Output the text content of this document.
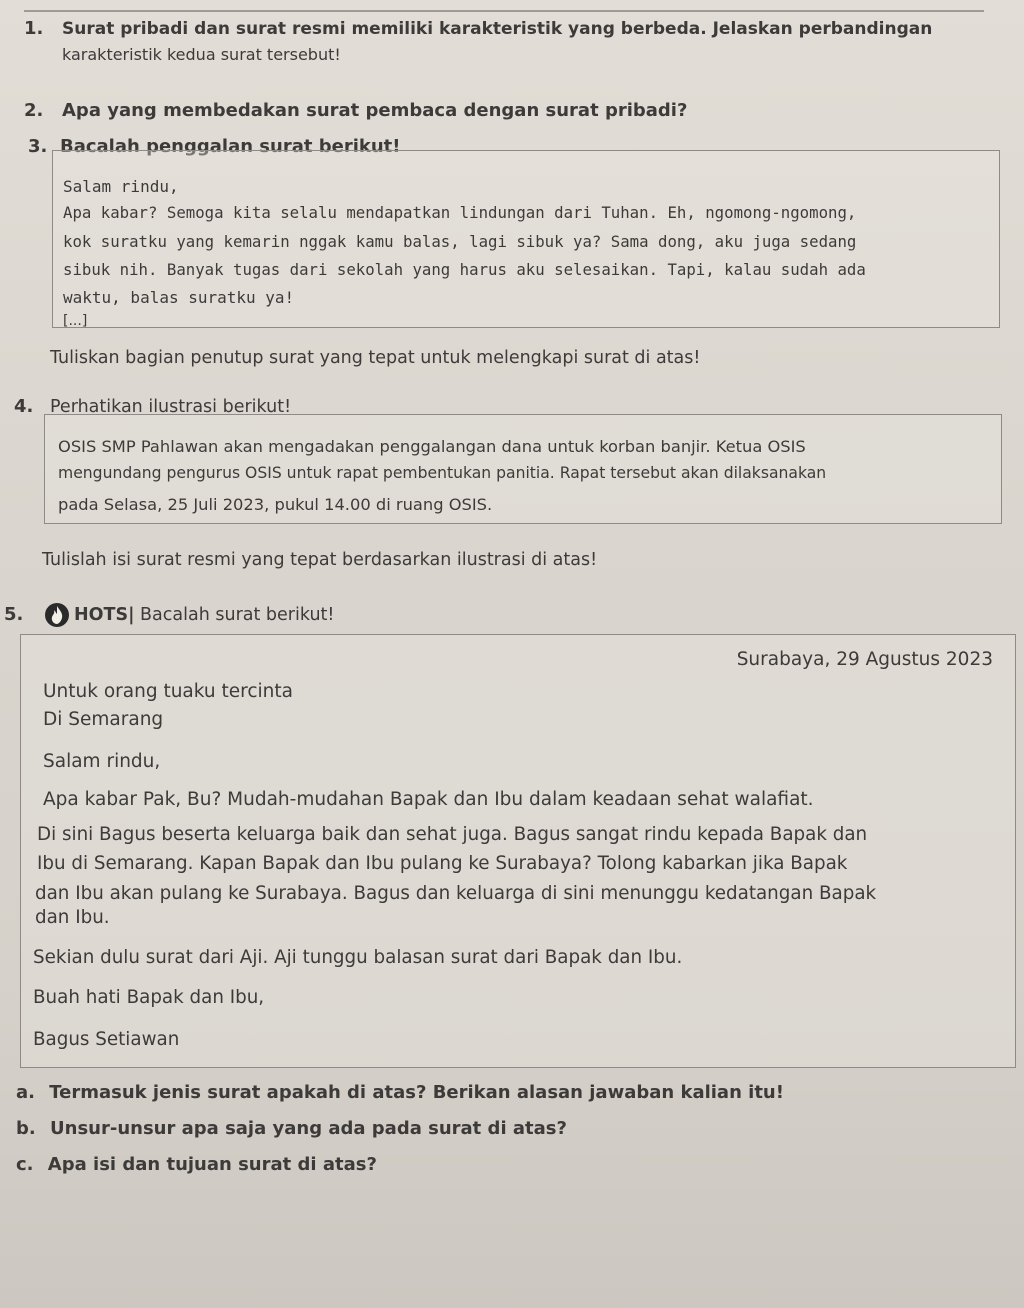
1. Surat pribadi dan surat resmi memiliki karakteristik yang berbeda. Jelaskan perbandingan
karakteristik kedua surat tersebut!
2. Apa yang membedakan surat pembaca dengan surat pribadi?
3. Bacalah penggalan surat berikut!
Salam rindu,
Apa kabar? Semoga kita selalu mendapatkan lindungan dari Tuhan. Eh, ngomong-ngomong,
kok suratku yang kemarin nggak kamu balas, lagi sibuk ya? Sama dong, aku juga sedang
sibuk nih. Banyak tugas dari sekolah yang harus aku selesaikan. Tapi, kalau sudah ada
waktu, balas suratku ya!
[...]
Tuliskan bagian penutup surat yang tepat untuk melengkapi surat di atas!
4. Perhatikan ilustrasi berikut!
OSIS SMP Pahlawan akan mengadakan penggalangan dana untuk korban banjir. Ketua OSIS
mengundang pengurus OSIS untuk rapat pembentukan panitia. Rapat tersebut akan dilaksanakan
pada Selasa, 25 Juli 2023, pukul 14.00 di ruang OSIS.
Tulislah isi surat resmi yang tepat berdasarkan ilustrasi di atas!
5.	HOTS| Bacalah surat berikut!
Surabaya, 29 Agustus 2023
Untuk orang tuaku tercinta
Di Semarang
Salam rindu,
Apa kabar Pak, Bu? Mudah-mudahan Bapak dan Ibu dalam keadaan sehat walafiat.
Di sini Bagus beserta keluarga baik dan sehat juga. Bagus sangat rindu kepada Bapak dan
Ibu di Semarang. Kapan Bapak dan Ibu pulang ke Surabaya? Tolong kabarkan jika Bapak
dan Ibu akan pulang ke Surabaya. Bagus dan keluarga di sini menunggu kedatangan Bapak
dan Ibu.
Sekian dulu surat dari Aji. Aji tunggu balasan surat dari Bapak dan Ibu.
Buah hati Bapak dan Ibu,
Bagus Setiawan
a. Termasuk jenis surat apakah di atas? Berikan alasan jawaban kalian itu!
b. Unsur-unsur apa saja yang ada pada surat di atas?
c. Apa isi dan tujuan surat di atas?
